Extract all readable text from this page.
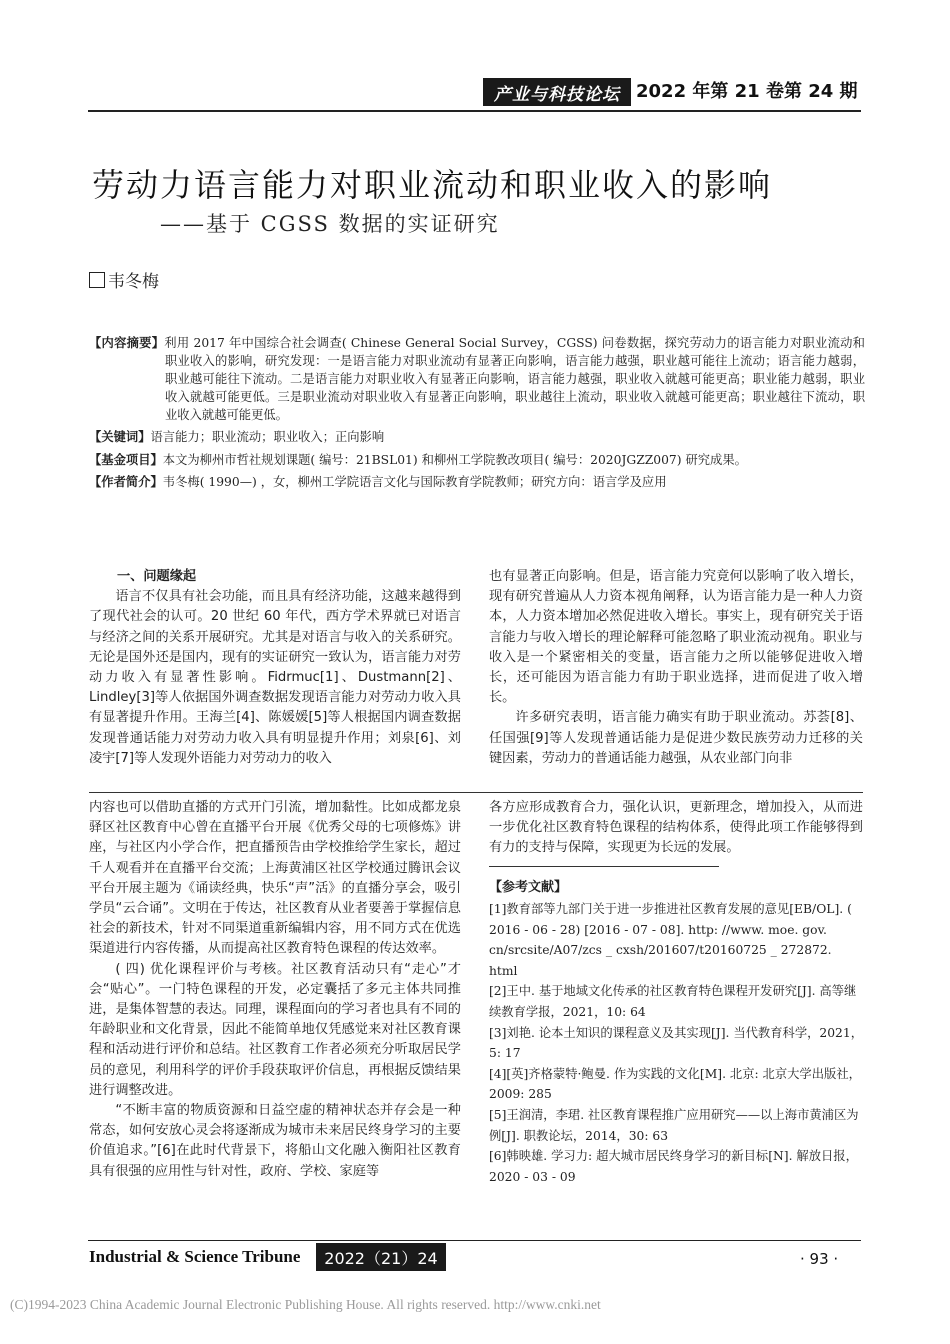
产业与科技论坛 2022 年第 21 卷第 24 期
劳动力语言能力对职业流动和职业收入的影响
——基于 CGSS 数据的实证研究
韦冬梅

【内容摘要】利用 2017 年中国综合社会调查( Chinese General Social Survey，CGSS) 问卷数据，探究劳动力的语言能力对职业流动和职业收入的影响，研究发现：一是语言能力对职业流动有显著正向影响，语言能力越强，职业越可能往上流动；语言能力越弱，职业越可能往下流动。二是语言能力对职业收入有显著正向影响，语言能力越强，职业收入就越可能更高；职业能力越弱，职业收入就越可能更低。三是职业流动对职业收入有显著正向影响，职业越往上流动，职业收入就越可能更高；职业越往下流动，职业收入就越可能更低。

【关键词】语言能力；职业流动；职业收入；正向影响

【基金项目】本文为柳州市哲社规划课题( 编号：21BSL01) 和柳州工学院教改项目( 编号：2020JGZZ007) 研究成果。

【作者简介】韦冬梅( 1990—) ，女，柳州工学院语言文化与国际教育学院教师；研究方向：语言学及应用

一、问题缘起

语言不仅具有社会功能，而且具有经济功能，这越来越得到了现代社会的认可。20 世纪 60 年代，西方学术界就已对语言与经济之间的关系开展研究。尤其是对语言与收入的关系研究。无论是国外还是国内，现有的实证研究一致认为，语言能力对劳动力收入有显著性影响。Fidrmuc[1]、Dustmann[2]、Lindley[3]等人依据国外调查数据发现语言能力对劳动力收入具有显著提升作用。王海兰[4]、陈媛媛[5]等人根据国内调查数据发现普通话能力对劳动力收入具有明显提升作用；刘泉[6]、刘凌宇[7]等人发现外语能力对劳动力的收入

也有显著正向影响。但是，语言能力究竟何以影响了收入增长，现有研究普遍从人力资本视角阐释，认为语言能力是一种人力资本，人力资本增加必然促进收入增长。事实上，现有研究关于语言能力与收入增长的理论解释可能忽略了职业流动视角。职业与收入是一个紧密相关的变量，语言能力之所以能够促进收入增长，还可能因为语言能力有助于职业选择，进而促进了收入增长。

许多研究表明，语言能力确实有助于职业流动。苏荟[8]、任国强[9]等人发现普通话能力是促进少数民族劳动力迁移的关键因素，劳动力的普通话能力越强，从农业部门向非

内容也可以借助直播的方式开门引流，增加黏性。比如成都龙泉驿区社区教育中心曾在直播平台开展《优秀父母的七项修炼》讲座，与社区内小学合作，把直播预告由学校推给学生家长，超过千人观看并在直播平台交流；上海黄浦区社区学校通过腾讯会议平台开展主题为《诵读经典，快乐“声”活》的直播分享会，吸引学员“云合诵”。文明在于传达，社区教育从业者要善于掌握信息社会的新技术，针对不同渠道重新编辑内容，用不同方式在优选渠道进行内容传播，从而提高社区教育特色课程的传达效率。

( 四) 优化课程评价与考核。社区教育活动只有“走心”才会“贴心”。一门特色课程的开发，必定囊括了多元主体共同推进，是集体智慧的表达。同理，课程面向的学习者也具有不同的年龄职业和文化背景，因此不能简单地仅凭感觉来对社区教育课程和活动进行评价和总结。社区教育工作者必须充分听取居民学员的意见，利用科学的评价手段获取评价信息，再根据反馈结果进行调整改进。

“不断丰富的物质资源和日益空虚的精神状态并存会是一种常态，如何安放心灵会将逐渐成为城市未来居民终身学习的主要价值追求。”[6]在此时代背景下，将船山文化融入衡阳社区教育具有很强的应用性与针对性，政府、学校、家庭等

各方应形成教育合力，强化认识，更新理念，增加投入，从而进一步优化社区教育特色课程的结构体系，使得此项工作能够得到有力的支持与保障，实现更为长远的发展。

【参考文献】

[1]教育部等九部门关于进一步推进社区教育发展的意见[EB/OL]. ( 2016 - 06 - 28) [2016 - 07 - 08]. http: //www. moe. gov. cn/srcsite/A07/zcs _ cxsh/201607/t20160725 _ 272872. html

[2]王中. 基于地域文化传承的社区教育特色课程开发研究[J]. 高等继续教育学报，2021，10: 64

[3]刘艳. 论本土知识的课程意义及其实现[J]. 当代教育科学，2021，5: 17

[4][英]齐格蒙特·鲍曼. 作为实践的文化[M]. 北京: 北京大学出版社，2009: 285

[5]王润清，李珺. 社区教育课程推广应用研究——以上海市黄浦区为例[J]. 职教论坛，2014，30: 63

[6]韩映雄. 学习力: 超大城市居民终身学习的新目标[N]. 解放日报，2020 - 03 - 09

Industrial & Science Tribune	2022（21）24	· 93 ·
(C)1994-2023 China Academic Journal Electronic Publishing House. All rights reserved. http://www.cnki.net
